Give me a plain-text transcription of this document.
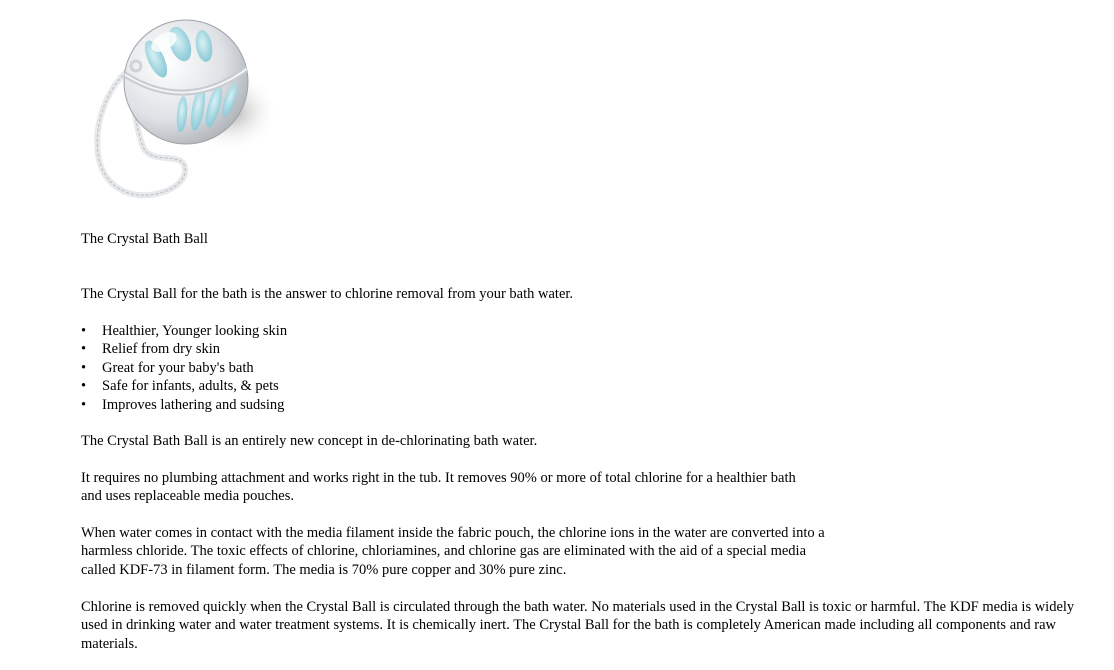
The Crystal Bath Ball

The Crystal Ball for the bath is the answer to chlorine removal from your bath water.

• Healthier, Younger looking skin
• Relief from dry skin
• Great for your baby's bath
• Safe for infants, adults, & pets
• Improves lathering and sudsing

The Crystal Bath Ball is an entirely new concept in de-chlorinating bath water.

It requires no plumbing attachment and works right in the tub. It removes 90% or more of total chlorine for a healthier bath and uses replaceable media pouches.

When water comes in contact with the media filament inside the fabric pouch, the chlorine ions in the water are converted into a harmless chloride. The toxic effects of chlorine, chloriamines, and chlorine gas are eliminated with the aid of a special media called KDF-73 in filament form. The media is 70% pure copper and 30% pure zinc.

Chlorine is removed quickly when the Crystal Ball is circulated through the bath water. No materials used in the Crystal Ball is toxic or harmful. The KDF media is widely used in drinking water and water treatment systems. It is chemically inert. The Crystal Ball for the bath is completely American made including all components and raw materials.
